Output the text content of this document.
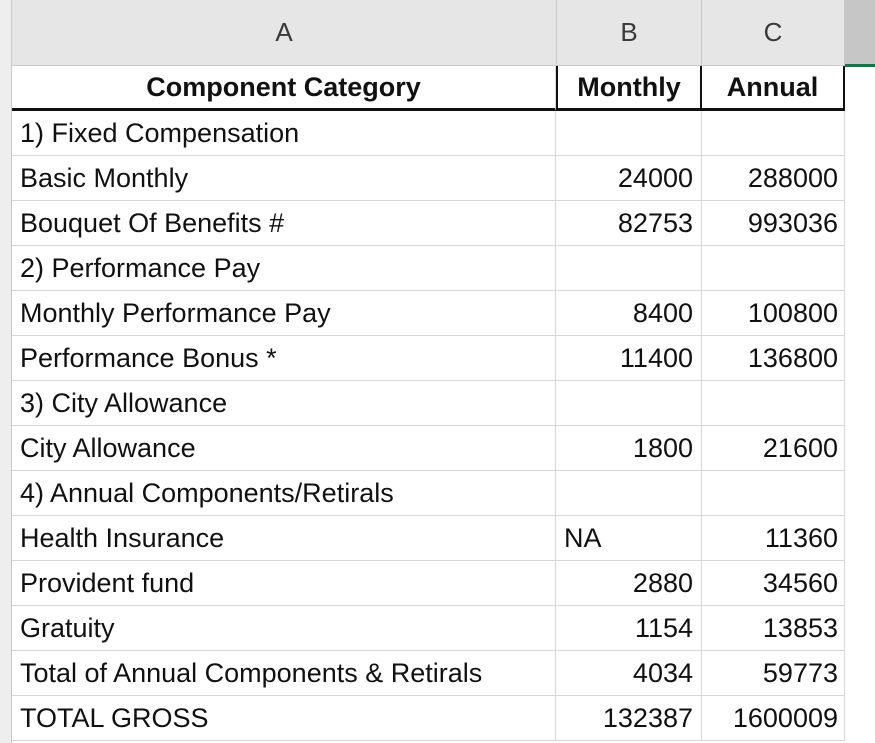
A	B	C
Component Category	Monthly	Annual
1) Fixed Compensation
Basic Monthly	24000	288000
Bouquet Of Benefits #	82753	993036
2) Performance Pay
Monthly Performance Pay	8400	100800
Performance Bonus *	11400	136800
3) City Allowance
City Allowance	1800	21600
4) Annual Components/Retirals
Health Insurance	NA	11360
Provident fund	2880	34560
Gratuity	1154	13853
Total of Annual Components & Retirals	4034	59773
TOTAL GROSS	132387	1600009
